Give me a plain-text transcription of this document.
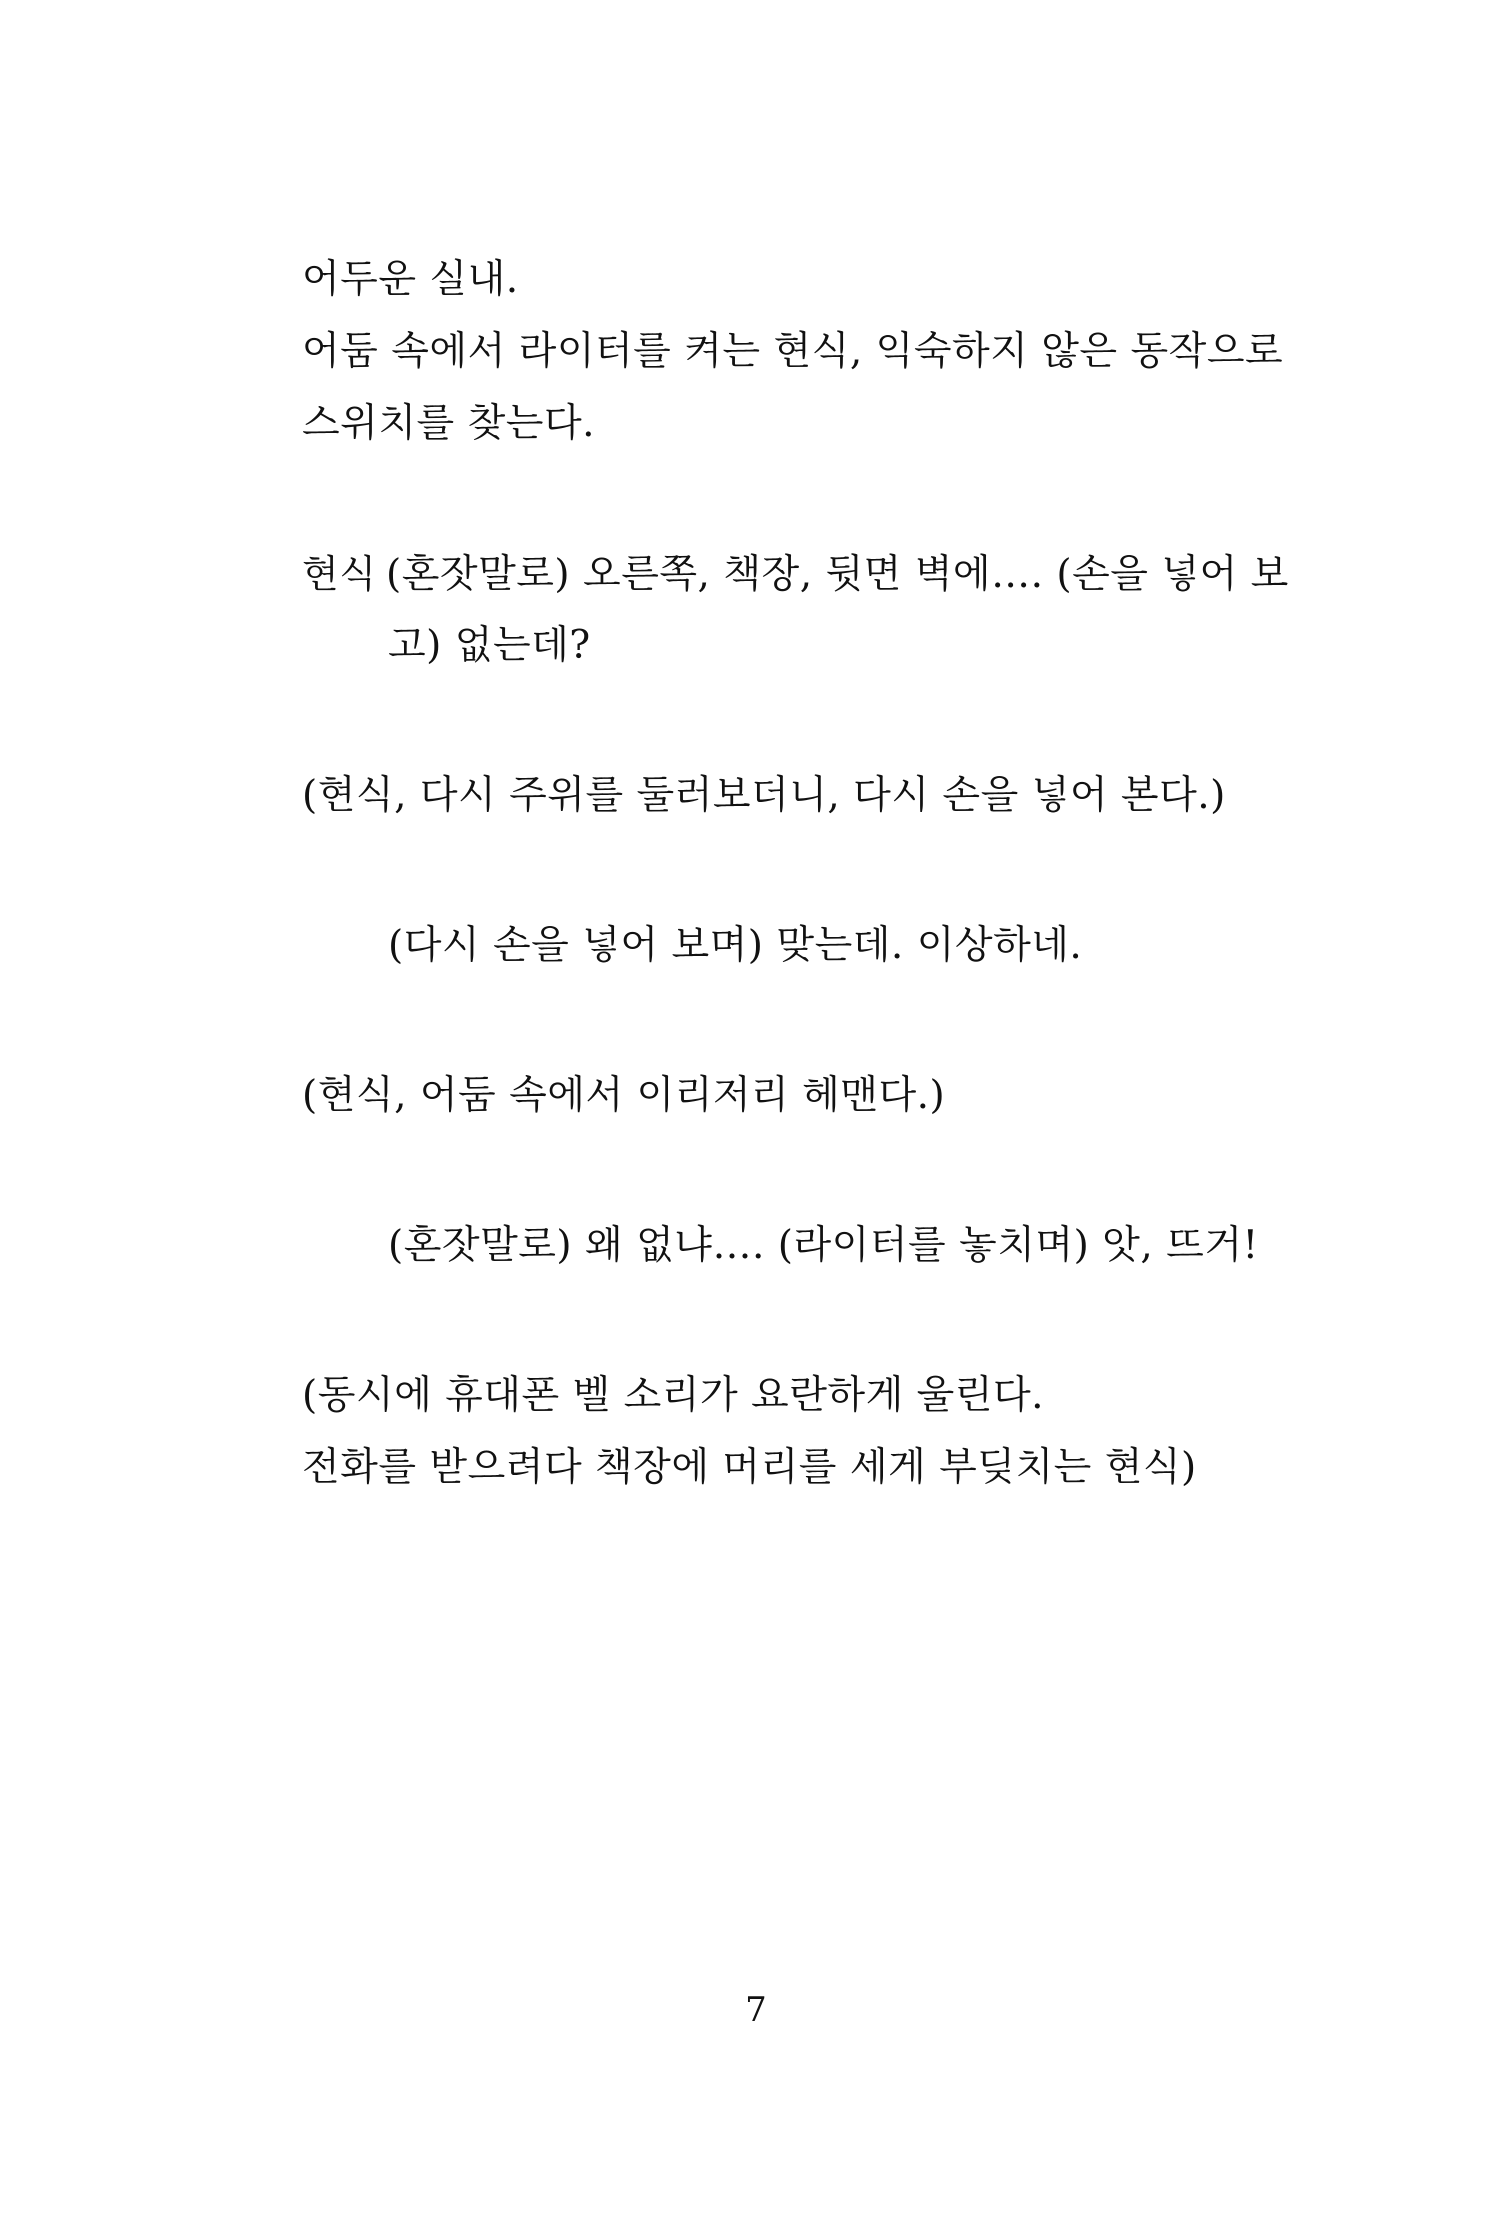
어두운 실내.
어둠 속에서 라이터를 켜는 현식, 익숙하지 않은 동작으로
스위치를 찾는다.
현식 (혼잣말로) 오른쪽, 책장, 뒷면 벽에…. (손을 넣어 보
고) 없는데?
(현식, 다시 주위를 둘러보더니, 다시 손을 넣어 본다.)
(다시 손을 넣어 보며) 맞는데. 이상하네.
(현식, 어둠 속에서 이리저리 헤맨다.)
(혼잣말로) 왜 없냐…. (라이터를 놓치며) 앗, 뜨거!
(동시에 휴대폰 벨 소리가 요란하게 울린다.
전화를 받으려다 책장에 머리를 세게 부딪치는 현식)
7
